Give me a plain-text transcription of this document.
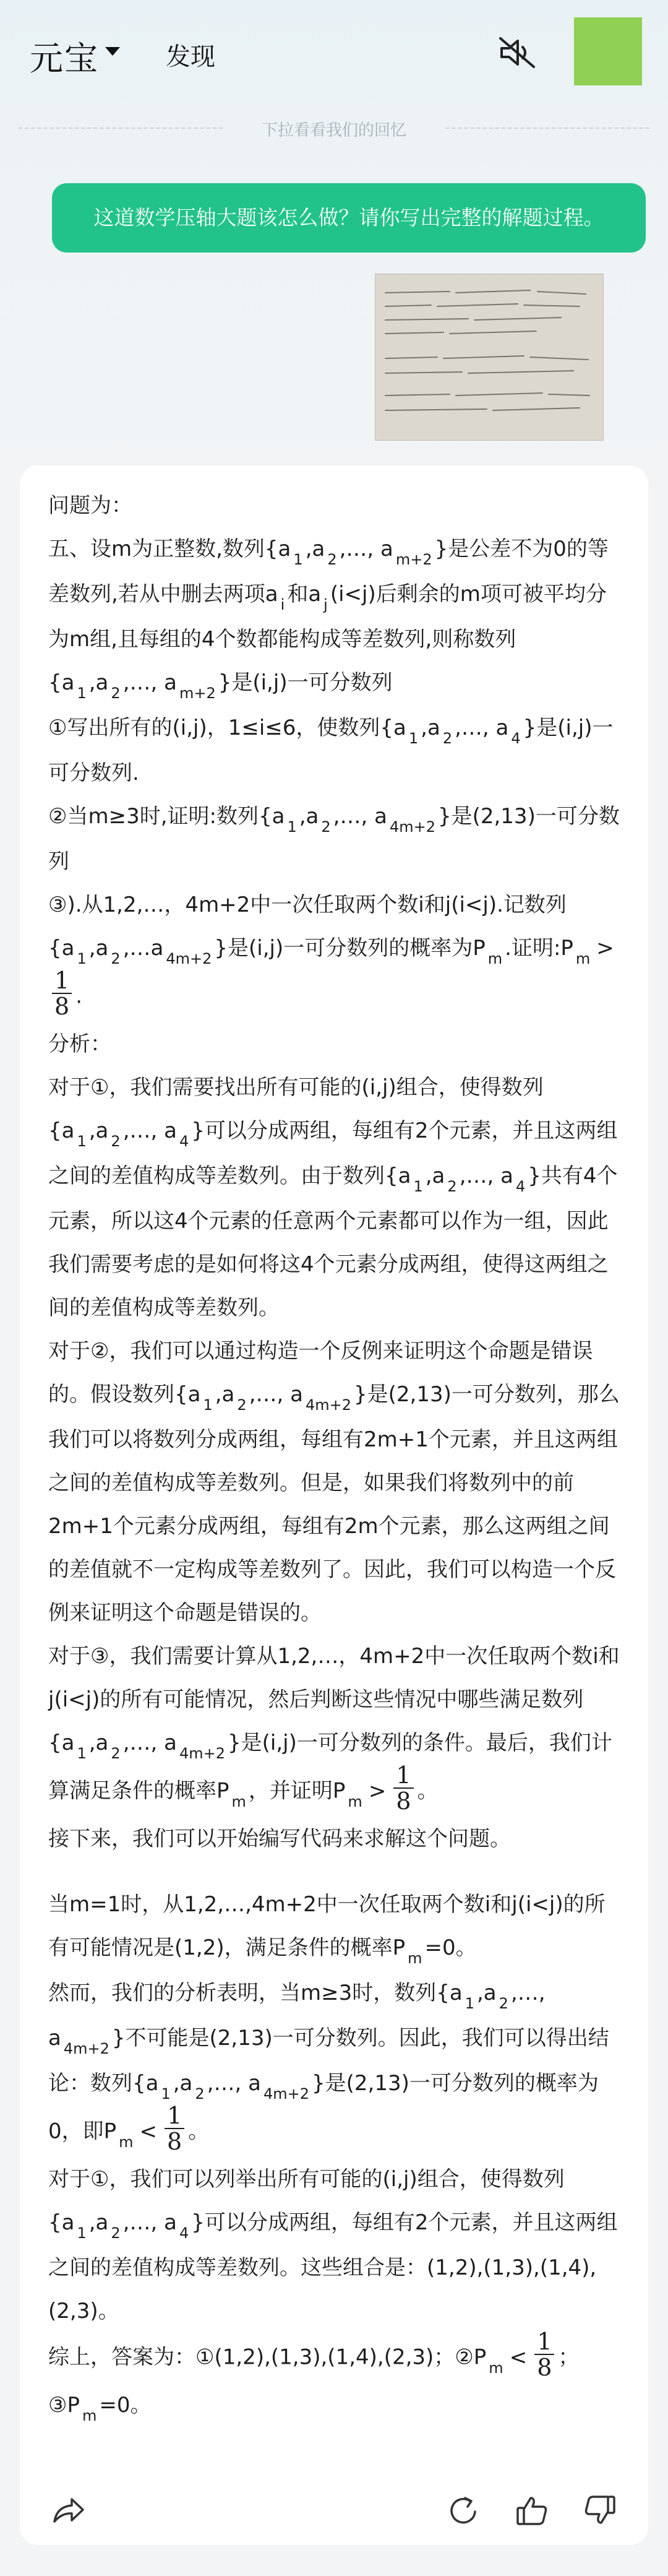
元宝	发现
下拉看看我们的回忆
这道数学压轴大题该怎么做？请你写出完整的解题过程。

问题为：

五、设m为正整数,数列{a $_1$ ,a $_2$ ,…, a $_{m+2}$ }是公差不为0的等差数列,若从中删去两项a $_i$ 和a $_j$ (i<j)后剩余的m项可被平均分为m组,且每组的4个数都能构成等差数列,则称数列{a $_1$ ,a $_2$ ,…, a $_{m+2}$ }是(i,j)一可分数列

①写出所有的(i,j)，1≤i≤6，使数列{a $_1$ ,a $_2$ ,…, a $_4$ }是(i,j)一可分数列.

②当m≥3时,证明:数列{a $_1$ ,a $_2$ ,…, a $_{4m+2}$ }是(2,13)一可分数列

③).从1,2,…，4m+2中一次任取两个数i和j(i<j).记数列{a $_1$ ,a $_2$ ,…a $_{4m+2}$ }是(i,j)一可分数列的概率为P $_m$ .证明:P $_m$ >
$\frac{1}{8}$ .

分析：

对于①，我们需要找出所有可能的(i,j)组合，使得数列{a $_1$ ,a $_2$ ,…, a $_4$ }可以分成两组，每组有2个元素，并且这两组之间的差值构成等差数列。由于数列{a $_1$ ,a $_2$ ,…, a $_4$ }共有4个元素，所以这4个元素的任意两个元素都可以作为一组，因此我们需要考虑的是如何将这4个元素分成两组，使得这两组之间的差值构成等差数列。

对于②，我们可以通过构造一个反例来证明这个命题是错误的。假设数列{a $_1$ ,a $_2$ ,…, a $_{4m+2}$ }是(2,13)一可分数列，那么我们可以将数列分成两组，每组有2m+1个元素，并且这两组之间的差值构成等差数列。但是，如果我们将数列中的前2m+1个元素分成两组，每组有2m个元素，那么这两组之间的差值就不一定构成等差数列了。因此，我们可以构造一个反例来证明这个命题是错误的。

对于③，我们需要计算从1,2,…，4m+2中一次任取两个数i和j(i<j)的所有可能情况，然后判断这些情况中哪些满足数列{a $_1$ ,a $_2$ ,…, a $_{4m+2}$ }是(i,j)一可分数列的条件。最后，我们计算满足条件的概率P $_m$ ，并证明P $_m > \frac{1}{8}$ 。

接下来，我们可以开始编写代码来求解这个问题。

当m=1时，从1,2,…,4m+2中一次任取两个数i和j(i<j)的所有可能情况是(1,2)，满足条件的概率P $_m$ =0。

然而，我们的分析表明，当m≥3时，数列{a $_1$ ,a $_2$ ,…, a $_{4m+2}$ }不可能是(2,13)一可分数列。因此，我们可以得出结论：数列{a $_1$ ,a $_2$ ,…, a $_{4m+2}$ }是(2,13)一可分数列的概率为0，即P $_m < \frac{1}{8}$ 。

对于①，我们可以列举出所有可能的(i,j)组合，使得数列{a $_1$ ,a $_2$ ,…, a $_4$ }可以分成两组，每组有2个元素，并且这两组之间的差值构成等差数列。这些组合是：(1,2),(1,3),(1,4),(2,3)。

综上，答案为：①(1,2),(1,3),(1,4),(2,3)；②P $_m < \frac{1}{8}$ ；③P $_m$ =0。
